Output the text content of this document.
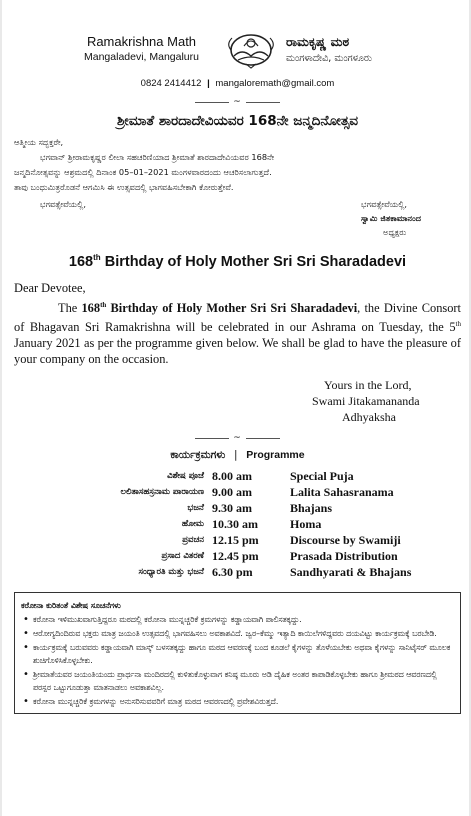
Ramakrishna Math
Mangaladevi, Mangaluru
ರಾಮಕೃಷ್ಣ ಮಠ
ಮಂಗಳಾದೇವಿ, ಮಂಗಳೂರು
0824 2414412 | mangaloremath@gmail.com
~
ಶ್ರೀಮಾತೆ ಶಾರದಾದೇವಿಯವರ 168ನೇ ಜನ್ಮದಿನೋತ್ಸವ

ಆತ್ಮೀಯ ಸದ್ಭಕ್ತರೇ,

ಭಗವಾನ್ ಶ್ರೀರಾಮಕೃಷ್ಣರ ಲೀಲಾ ಸಹಚರಿಣಿಯಾದ ಶ್ರೀಮಾತೆ ಶಾರದಾದೇವಿಯವರ 168ನೇ

ಜನ್ಮದಿನೋತ್ಸವನ್ನು ಆಶ್ರಮದಲ್ಲಿ ದಿನಾಂಕ 05–01–2021 ಮಂಗಳವಾರದಂದು ಆಚರಿಸಲಾಗುತ್ತದೆ.

ತಾವು ಬಂಧುಮಿತ್ರರೊಡನೆ ಆಗಮಿಸಿ ಈ ಉತ್ಸವದಲ್ಲಿ ಭಾಗವಹಿಸಬೇಕಾಗಿ ಕೋರುತ್ತೇವೆ.

ಭಗವತ್ಸೇವೆಯಲ್ಲಿ,	ಭಗವತ್ಸೇವೆಯಲ್ಲಿ,
ಸ್ವಾಮಿ ಜಿತಕಾಮಾನಂದ
ಅಧ್ಯಕ್ಷರು
168th Birthday of Holy Mother Sri Sri Sharadadevi
Dear Devotee,
The 168th Birthday of Holy Mother Sri Sri Sharadadevi, the Divine Consort of Bhagavan Sri Ramakrishna will be celebrated in our Ashrama on Tuesday, the 5th January 2021 as per the programme given below. We shall be glad to have the pleasure of your company on the occasion.
Yours in the Lord,
Swami Jitakamananda
Adhyaksha
~
ಕಾರ್ಯಕ್ರಮಗಳು | Programme
ವಿಶೇಷ ಪೂಜೆ	8.00 am	Special Puja
ಲಲಿತಾಸಹಸ್ರನಾಮ ಪಾರಾಯಣ	9.00 am	Lalita Sahasranama
ಭಜನೆ	9.30 am	Bhajans
ಹೋಮ	10.30 am	Homa
ಪ್ರವಚನ	12.15 pm	Discourse by Swamiji
ಪ್ರಸಾದ ವಿತರಣೆ	12.45 pm	Prasada Distribution
ಸಂಧ್ಯಾರತಿ ಮತ್ತು ಭಜನೆ	6.30 pm	Sandhyarati & Bhajans
ಕರೋನಾ ಕುರಿತಂತೆ ವಿಶೇಷ ಸೂಚನೆಗಳು
• ಕರೋನಾ ಇಳಿಮುಖವಾಗುತ್ತಿದ್ದರೂ ಮಠದಲ್ಲಿ ಕರೋನಾ ಮುನ್ನಚ್ಚರಿಕೆ ಕ್ರಮಗಳನ್ನು ಕಡ್ಡಾಯವಾಗಿ ಪಾಲಿಸತಕ್ಕದ್ದು.
• ಆರೋಗ್ಯದಿಂದಿರುವ ಭಕ್ತರು ಮಾತ್ರ ಜಯಂತಿ ಉತ್ಸವದಲ್ಲಿ ಭಾಗವಹಿಸಲು ಅವಕಾಶವಿದೆ. ಜ್ವರ–ಕೆಮ್ಮು ಇತ್ಯಾದಿ ಕಾಯಿಲೆಗಳಿದ್ದವರು ದಯವಿಟ್ಟು ಕಾರ್ಯಕ್ರಮಕ್ಕೆ ಬರಬೇಡಿ.
• ಕಾರ್ಯಕ್ರಮಕ್ಕೆ ಬರುವವರು ಕಡ್ಡಾಯವಾಗಿ ಮಾಸ್ಕ್ ಬಳಸತಕ್ಕದ್ದು ಹಾಗೂ ಮಠದ ಆವರಣಕ್ಕೆ ಬಂದ ಕೂಡಲೆ ಕೈಗಳನ್ನು ತೊಳೆಯಬೇಕು ಅಥವಾ ಕೈಗಳನ್ನು ಸಾನಿಟೈಸರ್ ಮೂಲಕ ಶುಚಿಗೊಳಿಸಿಕೊಳ್ಳಬೇಕು.
• ಶ್ರೀಮಾತೆಯವರ ಜಯಂತಿಯಂದು ಪ್ರಾರ್ಥನಾ ಮಂದಿರದಲ್ಲಿ ಕುಳಿತುಕೊಳ್ಳುವಾಗ ಕನಿಷ್ಠ ಮೂರು ಅಡಿ ದೈಹಿಕ ಅಂತರ ಕಾಪಾಡಿಕೊಳ್ಳಬೇಕು ಹಾಗೂ ಶ್ರೀಮಠದ ಆವರಣದಲ್ಲಿ ಪರಸ್ಪರ ಒಟ್ಟುಗೂಡುತ್ತಾ ಮಾತನಾಡಲು ಅವಕಾಶವಿಲ್ಲ.
• ಕರೋನಾ ಮುನ್ನಚ್ಚರಿಕೆ ಕ್ರಮಗಳನ್ನು ಅನುಸರಿಸುವವರಿಗೆ ಮಾತ್ರ ಮಠದ ಆವರಣದಲ್ಲಿ ಪ್ರವೇಶವಿರುತ್ತದೆ.
